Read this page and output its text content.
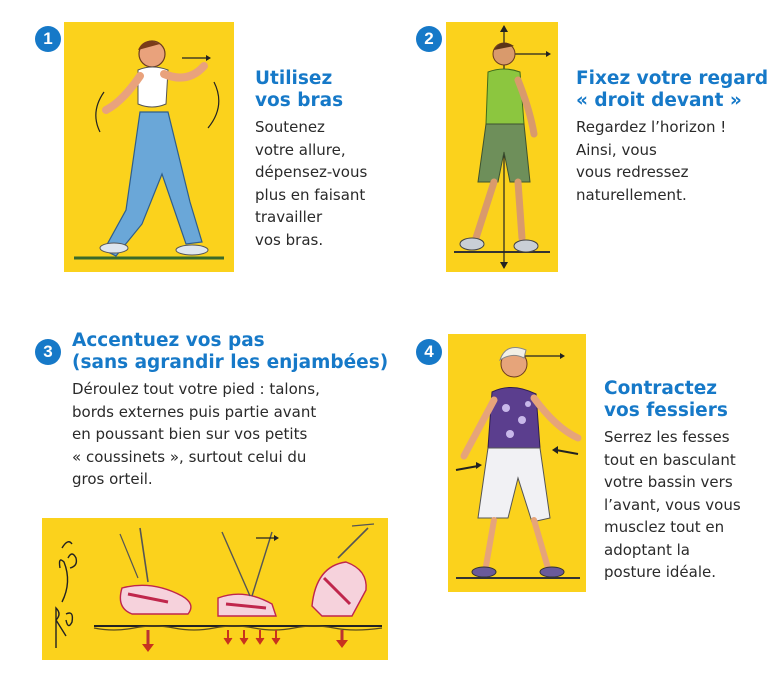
1
Utilisez
vos bras
Soutenez
votre allure,
dépensez-vous
plus en faisant
travailler
vos bras.
2
Fixez votre regard
« droit devant »
Regardez l’horizon !
Ainsi, vous
vous redressez
naturellement.
3
Accentuez vos pas
(sans agrandir les enjambées)
Déroulez tout votre pied : talons,
bords externes puis partie avant
en poussant bien sur vos petits
« coussinets », surtout celui du
gros orteil.
4
Contractez
vos fessiers
Serrez les fesses
tout en basculant
votre bassin vers
l’avant, vous vous
musclez tout en
adoptant la
posture idéale.
